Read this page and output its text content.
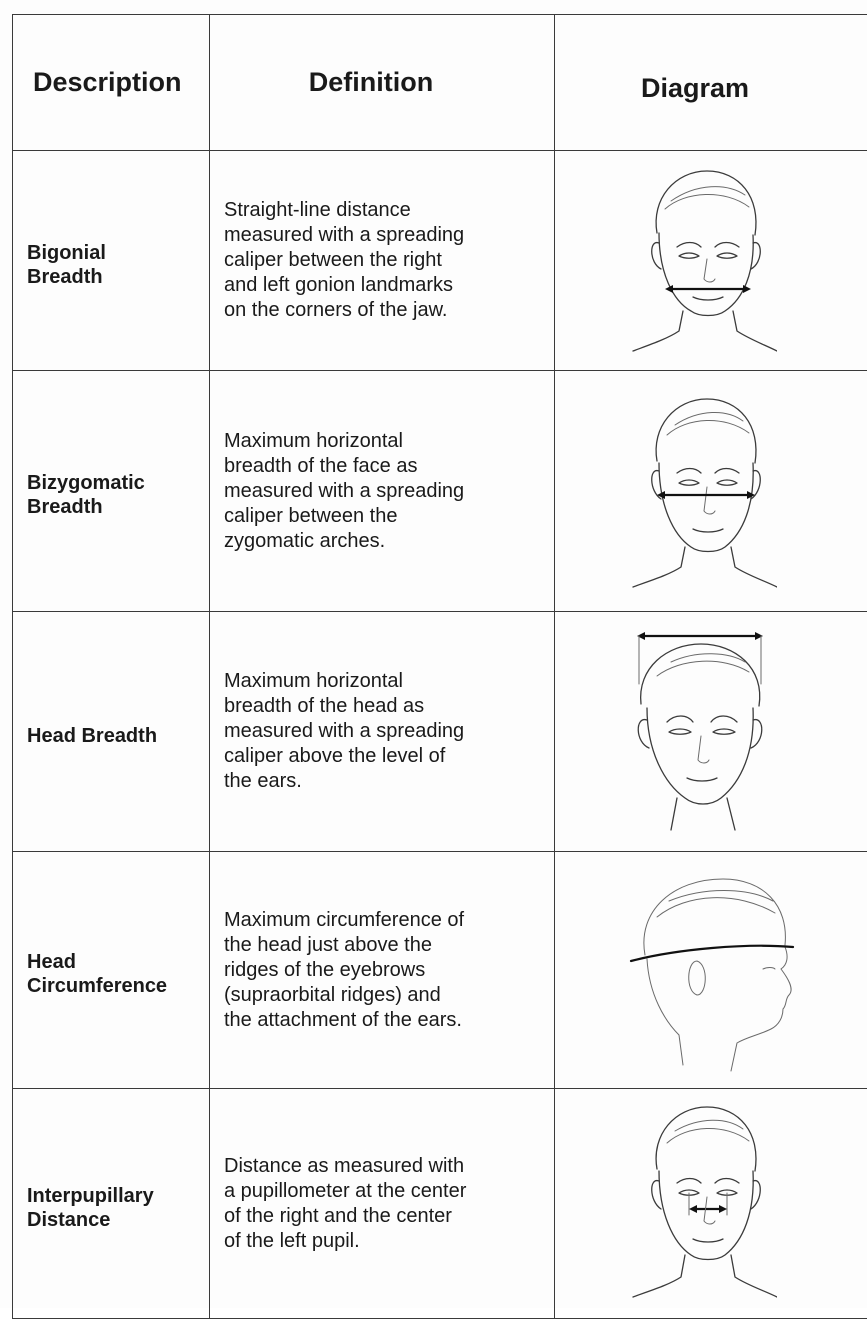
Description	Definition	Diagram

Bigonial
Breadth	Straight-line distance
measured with a spreading
caliper between the right
and left gonion landmarks
on the corners of the jaw.

Bizygomatic
Breadth	Maximum horizontal
breadth of the face as
measured with a spreading
caliper between the
zygomatic arches.

Head Breadth	Maximum horizontal
breadth of the head as
measured with a spreading
caliper above the level of
the ears.

Head
Circumference	Maximum circumference of
the head just above the
ridges of the eyebrows
(supraorbital ridges) and
the attachment of the ears.

Interpupillary
Distance	Distance as measured with
a pupillometer at the center
of the right and the center
of the left pupil.
